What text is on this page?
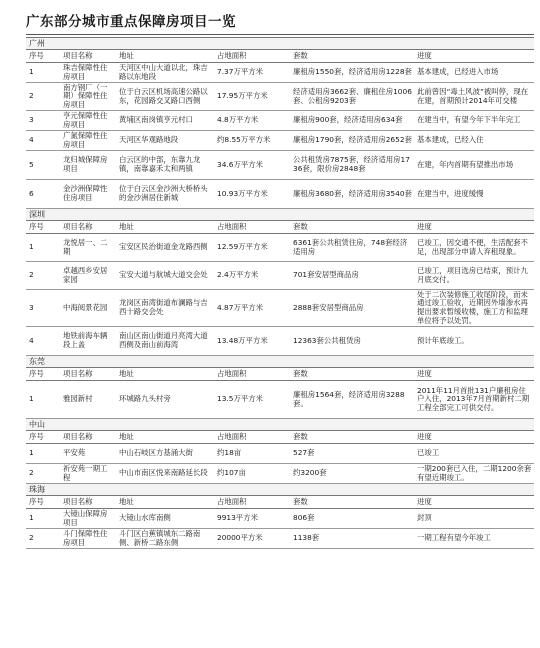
广东部分城市重点保障房项目一览
广州					
序号	项目名称	地址	占地面积	套数	进度
1	珠吉保障性住房项目	天河区中山大道以北，珠吉路以东地段	7.37万平方米	廉租房1550套，经济适用房1228套	基本建成，已经进入市场
2	南方钢厂（一期）保障性住房项目	位于白云区机场高速公路以东，花园路交叉路口西侧	17.95万平方米	经济适用房3662套、廉租住房1006套、公租房9203套	此前曾因“毒土风波”被叫停，现在在建，首期预计2014年可交楼
3	亨元保障性住房项目	黄埔区南岗镇亨元村口	4.8万平方米	廉租房900套，经济适用房634套	在建当中，有望今年下半年完工
4	广氮保障性住房项目	天河区华观路地段	约8.55万平方米	廉租房1790套，经济适用房2652套	基本建成，已经入住
5	龙归城保障房项目	白云区的中部，东靠九龙镇，南靠嘉禾太和两镇	34.6万平方米	公共租赁房7875套，经济适用房1736套，限价房2848套	在建，年内首期有望推出市场
6	金沙洲保障性住房项目	位于白云区金沙洲大桥桥头的金沙洲居住新城	10.93万平方米	廉租房3680套，经济适用房3540套	在建当中，进度缓慢
深圳					
序号	项目名称	地址	占地面积	套数	进度
1	龙悦居一、二期	宝安区民治街道金龙路西侧	12.59万平方米	6361套公共租赁住房，748套经济适用房	已竣工，因交通不便，生活配套不足，出现部分申请人弃租现象。
2	卓越西乡安居家园	宝安大道与航城大道交会处	2.4万平方米	701套安居型商品房	已竣工，项目选房已结束，预计九月底交付。
3	中海阅景花园	龙岗区南湾街道布澜路与吉西十路交会处	4.87万平方米	2888套安居型商品房	处于二次装修施工收尾阶段，而未通过竣工验收，近期因外墙渗水再提出要求暂缓收楼，施工方和监理单位将予以处罚。
4	地铁前海车辆段上盖	南山区南山街道月亮湾大道西侧及南山前海湾	13.48万平方米	12363套公共租赁房	预计年底竣工。
东莞					
序号	项目名称	地址	占地面积	套数	进度
1	雅园新村	环城路九头村旁	13.5万平方米	廉租房1564套，经济适用房3288套。	2011年11月首批131户廉租房住户入住，2013年7月首期新村二期工程全部完工可供交付。
中山					
序号	项目名称	地址	占地面积	套数	进度
1	平安苑	中山石岐区方基涌大街	约18亩	527套	已竣工
2	祈安苑一期工程	中山市南区悦来南路延长段	约107亩	约3200套	一期200套已入住，二期1200余套有望近期竣工。
珠海					
序号	项目名称	地址	占地面积	套数	进度
1	大镜山保障房项目	大镜山水库南侧	9913平方米	806套	封顶
2	斗门保障性住房项目	斗门区白蕉镇城东二路南侧、新桥二路东侧	20000平方米	1138套	一期工程有望今年竣工
